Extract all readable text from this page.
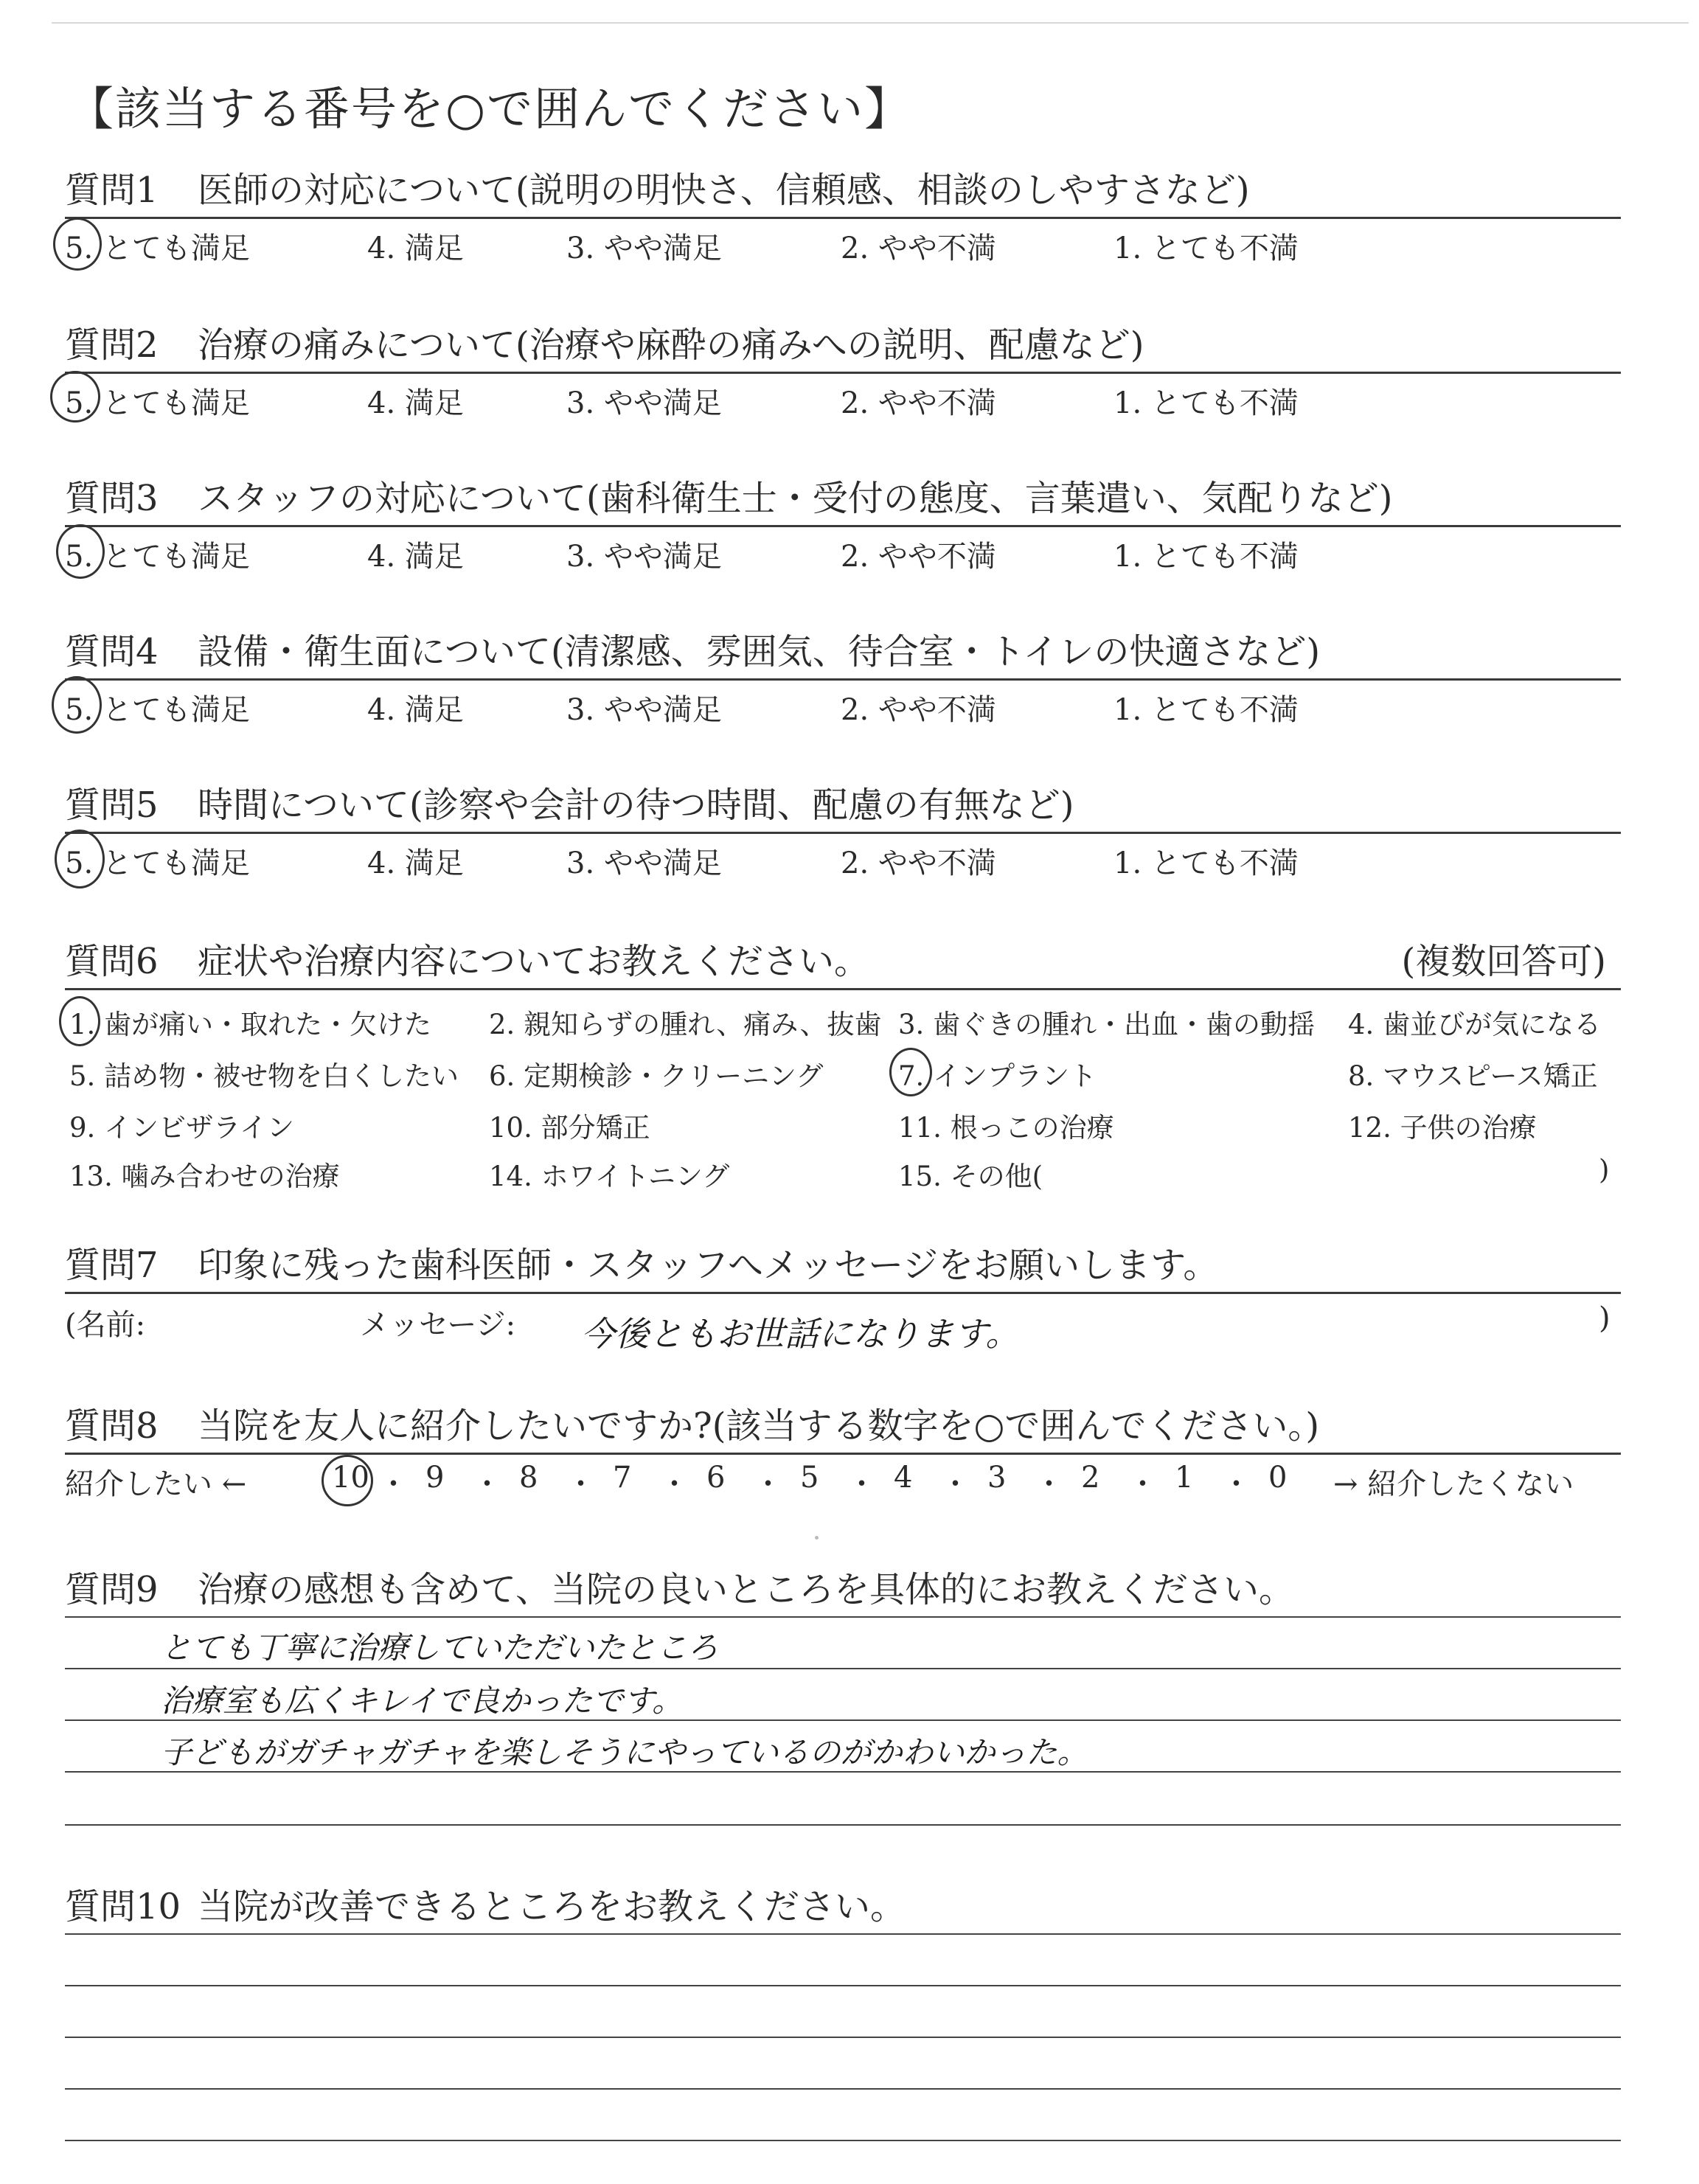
【該当する番号を○で囲んでください】
質問1 医師の対応について(説明の明快さ、信頼感、相談のしやすさなど)
5. とても満足	4. 満足	3. やや満足	2. やや不満	1. とても不満
質問2 治療の痛みについて(治療や麻酔の痛みへの説明、配慮など)
5. とても満足	4. 満足	3. やや満足	2. やや不満	1. とても不満
質問3 スタッフの対応について(歯科衛生士・受付の態度、言葉遣い、気配りなど)
5. とても満足	4. 満足	3. やや満足	2. やや不満	1. とても不満
質問4 設備・衛生面について(清潔感、雰囲気、待合室・トイレの快適さなど)
5. とても満足	4. 満足	3. やや満足	2. やや不満	1. とても不満
質問5 時間について(診察や会計の待つ時間、配慮の有無など)
5. とても満足	4. 満足	3. やや満足	2. やや不満	1. とても不満
質問6 症状や治療内容についてお教えください。	(複数回答可)
1. 歯が痛い・取れた・欠けた 2. 親知らずの腫れ、痛み、抜歯 3. 歯ぐきの腫れ・出血・歯の動揺 4. 歯並びが気になる
5. 詰め物・被せ物を白くしたい 6. 定期検診・クリーニング	7. インプラント	8. マウスピース矯正
9. インビザライン	10. 部分矯正	11. 根っこの治療	12. 子供の治療
13. 噛み合わせの治療	14. ホワイトニング	15. その他(	)
質問7 印象に残った歯科医師・スタッフへメッセージをお願いします。
(名前:	メッセージ: 今後ともお世話になります。	)
質問8 当院を友人に紹介したいですか?(該当する数字を○で囲んでください。)
紹介したい ←	→ 紹介したくない
10 ・ 9 ・ 8 ・ 7 ・ 6 ・ 5 ・ 4 ・ 3 ・ 2 ・ 1 ・ 0
質問9 治療の感想も含めて、当院の良いところを具体的にお教えください。
とても丁寧に治療していただいたところ
治療室も広くキレイで良かったです。
子どもがガチャガチャを楽しそうにやっているのがかわいかった。
質問10 当院が改善できるところをお教えください。
